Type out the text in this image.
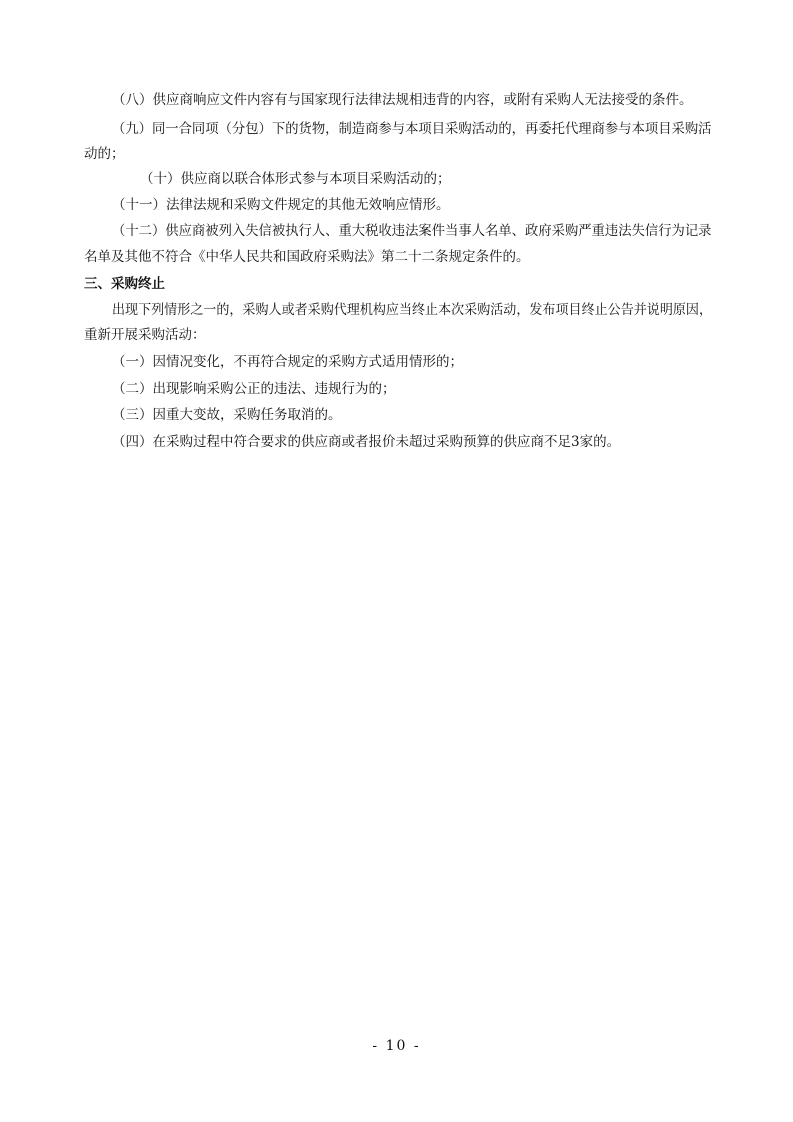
（八）供应商响应文件内容有与国家现行法律法规相违背的内容，或附有采购人无法接受的条件。
（九）同一合同项（分包）下的货物，制造商参与本项目采购活动的，再委托代理商参与本项目采购活
动的；
（十）供应商以联合体形式参与本项目采购活动的；
（十一）法律法规和采购文件规定的其他无效响应情形。
（十二）供应商被列入失信被执行人、重大税收违法案件当事人名单、政府采购严重违法失信行为记录
名单及其他不符合《中华人民共和国政府采购法》第二十二条规定条件的。
三、采购终止
出现下列情形之一的，采购人或者采购代理机构应当终止本次采购活动，发布项目终止公告并说明原因，
重新开展采购活动：
（一）因情况变化，不再符合规定的采购方式适用情形的；
（二）出现影响采购公正的违法、违规行为的；
（三）因重大变故，采购任务取消的。
（四）在采购过程中符合要求的供应商或者报价未超过采购预算的供应商不足3家的。
- 10 -
